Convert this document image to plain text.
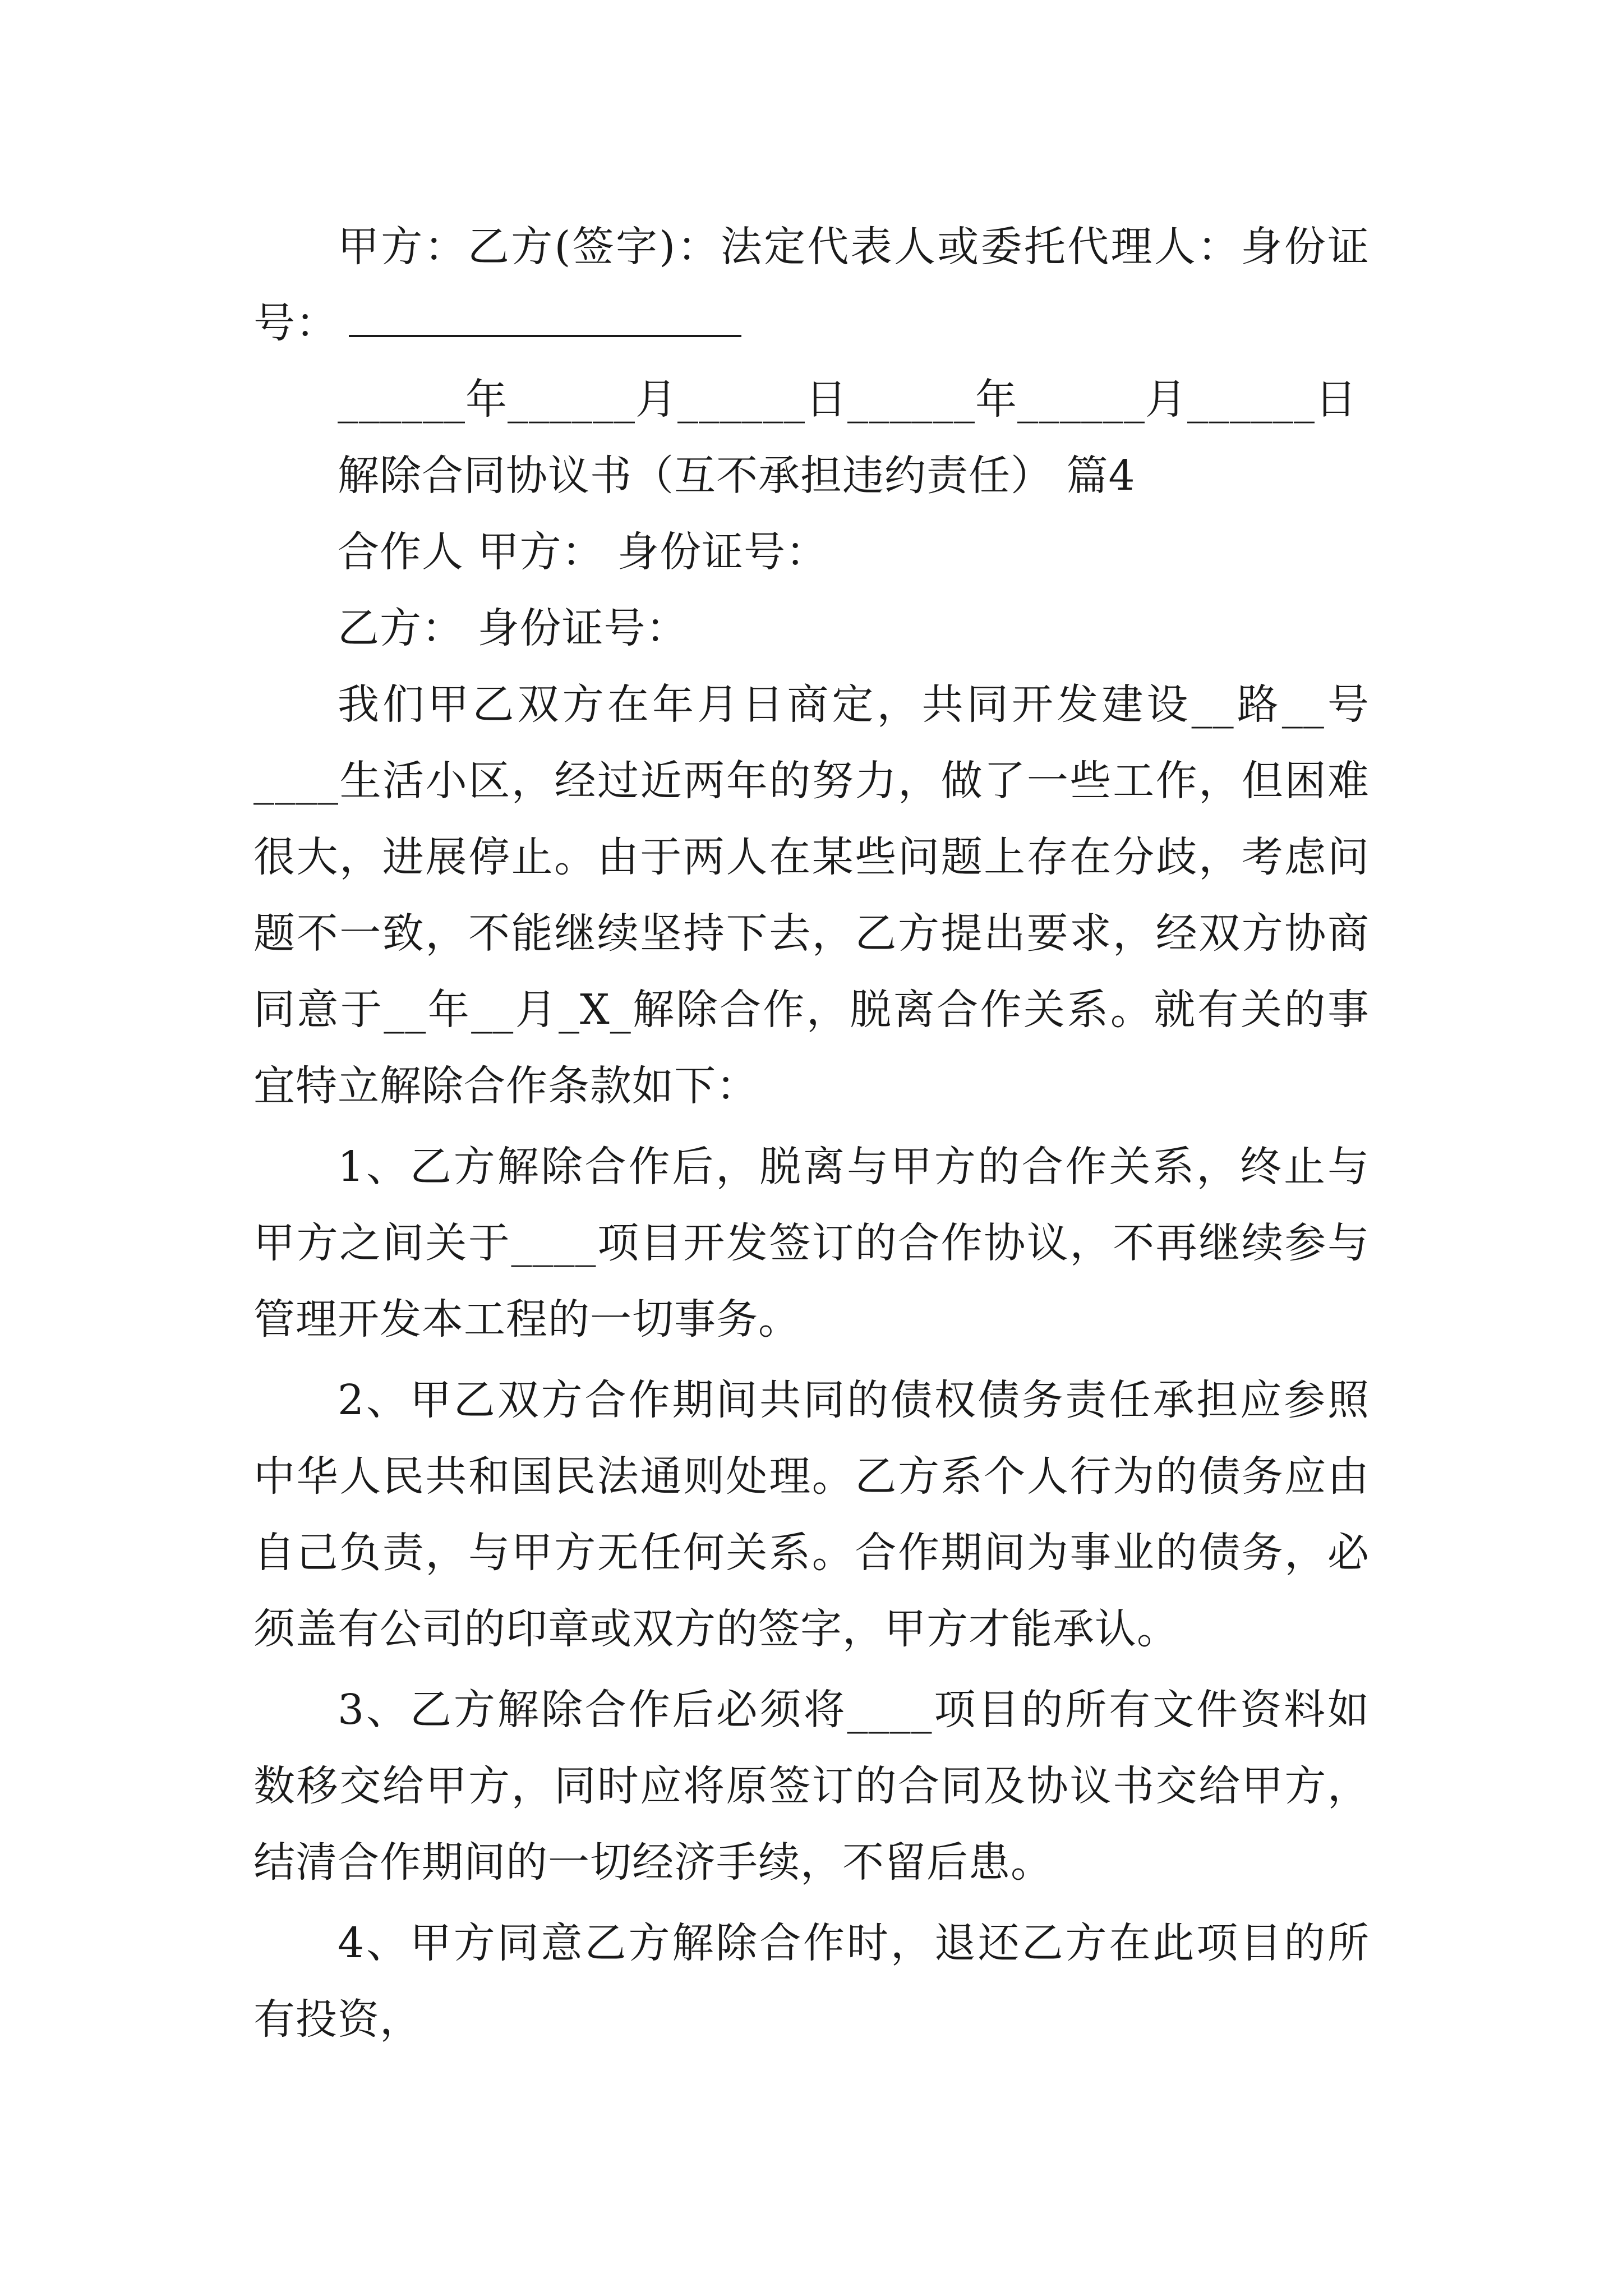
甲方：乙方(签字)：法定代表人或委托代理人：身份证号：

______年______月______日______年______月______日

解除合同协议书（互不承担违约责任） 篇4

合作人 甲方： 身份证号：

乙方： 身份证号：

我们甲乙双方在年月日商定，共同开发建设__路__号____生活小区，经过近两年的努力，做了一些工作，但困难很大，进展停止。由于两人在某些问题上存在分歧，考虑问题不一致，不能继续坚持下去，乙方提出要求，经双方协商同意于__年__月_X_解除合作，脱离合作关系。就有关的事宜特立解除合作条款如下：

1、乙方解除合作后，脱离与甲方的合作关系，终止与甲方之间关于____项目开发签订的合作协议，不再继续参与管理开发本工程的一切事务。

2、甲乙双方合作期间共同的债权债务责任承担应参照中华人民共和国民法通则处理。乙方系个人行为的债务应由自己负责，与甲方无任何关系。合作期间为事业的债务，必须盖有公司的印章或双方的签字，甲方才能承认。

3、乙方解除合作后必须将____项目的所有文件资料如数移交给甲方，同时应将原签订的合同及协议书交给甲方，结清合作期间的一切经济手续，不留后患。

4、甲方同意乙方解除合作时，退还乙方在此项目的所有投资，
